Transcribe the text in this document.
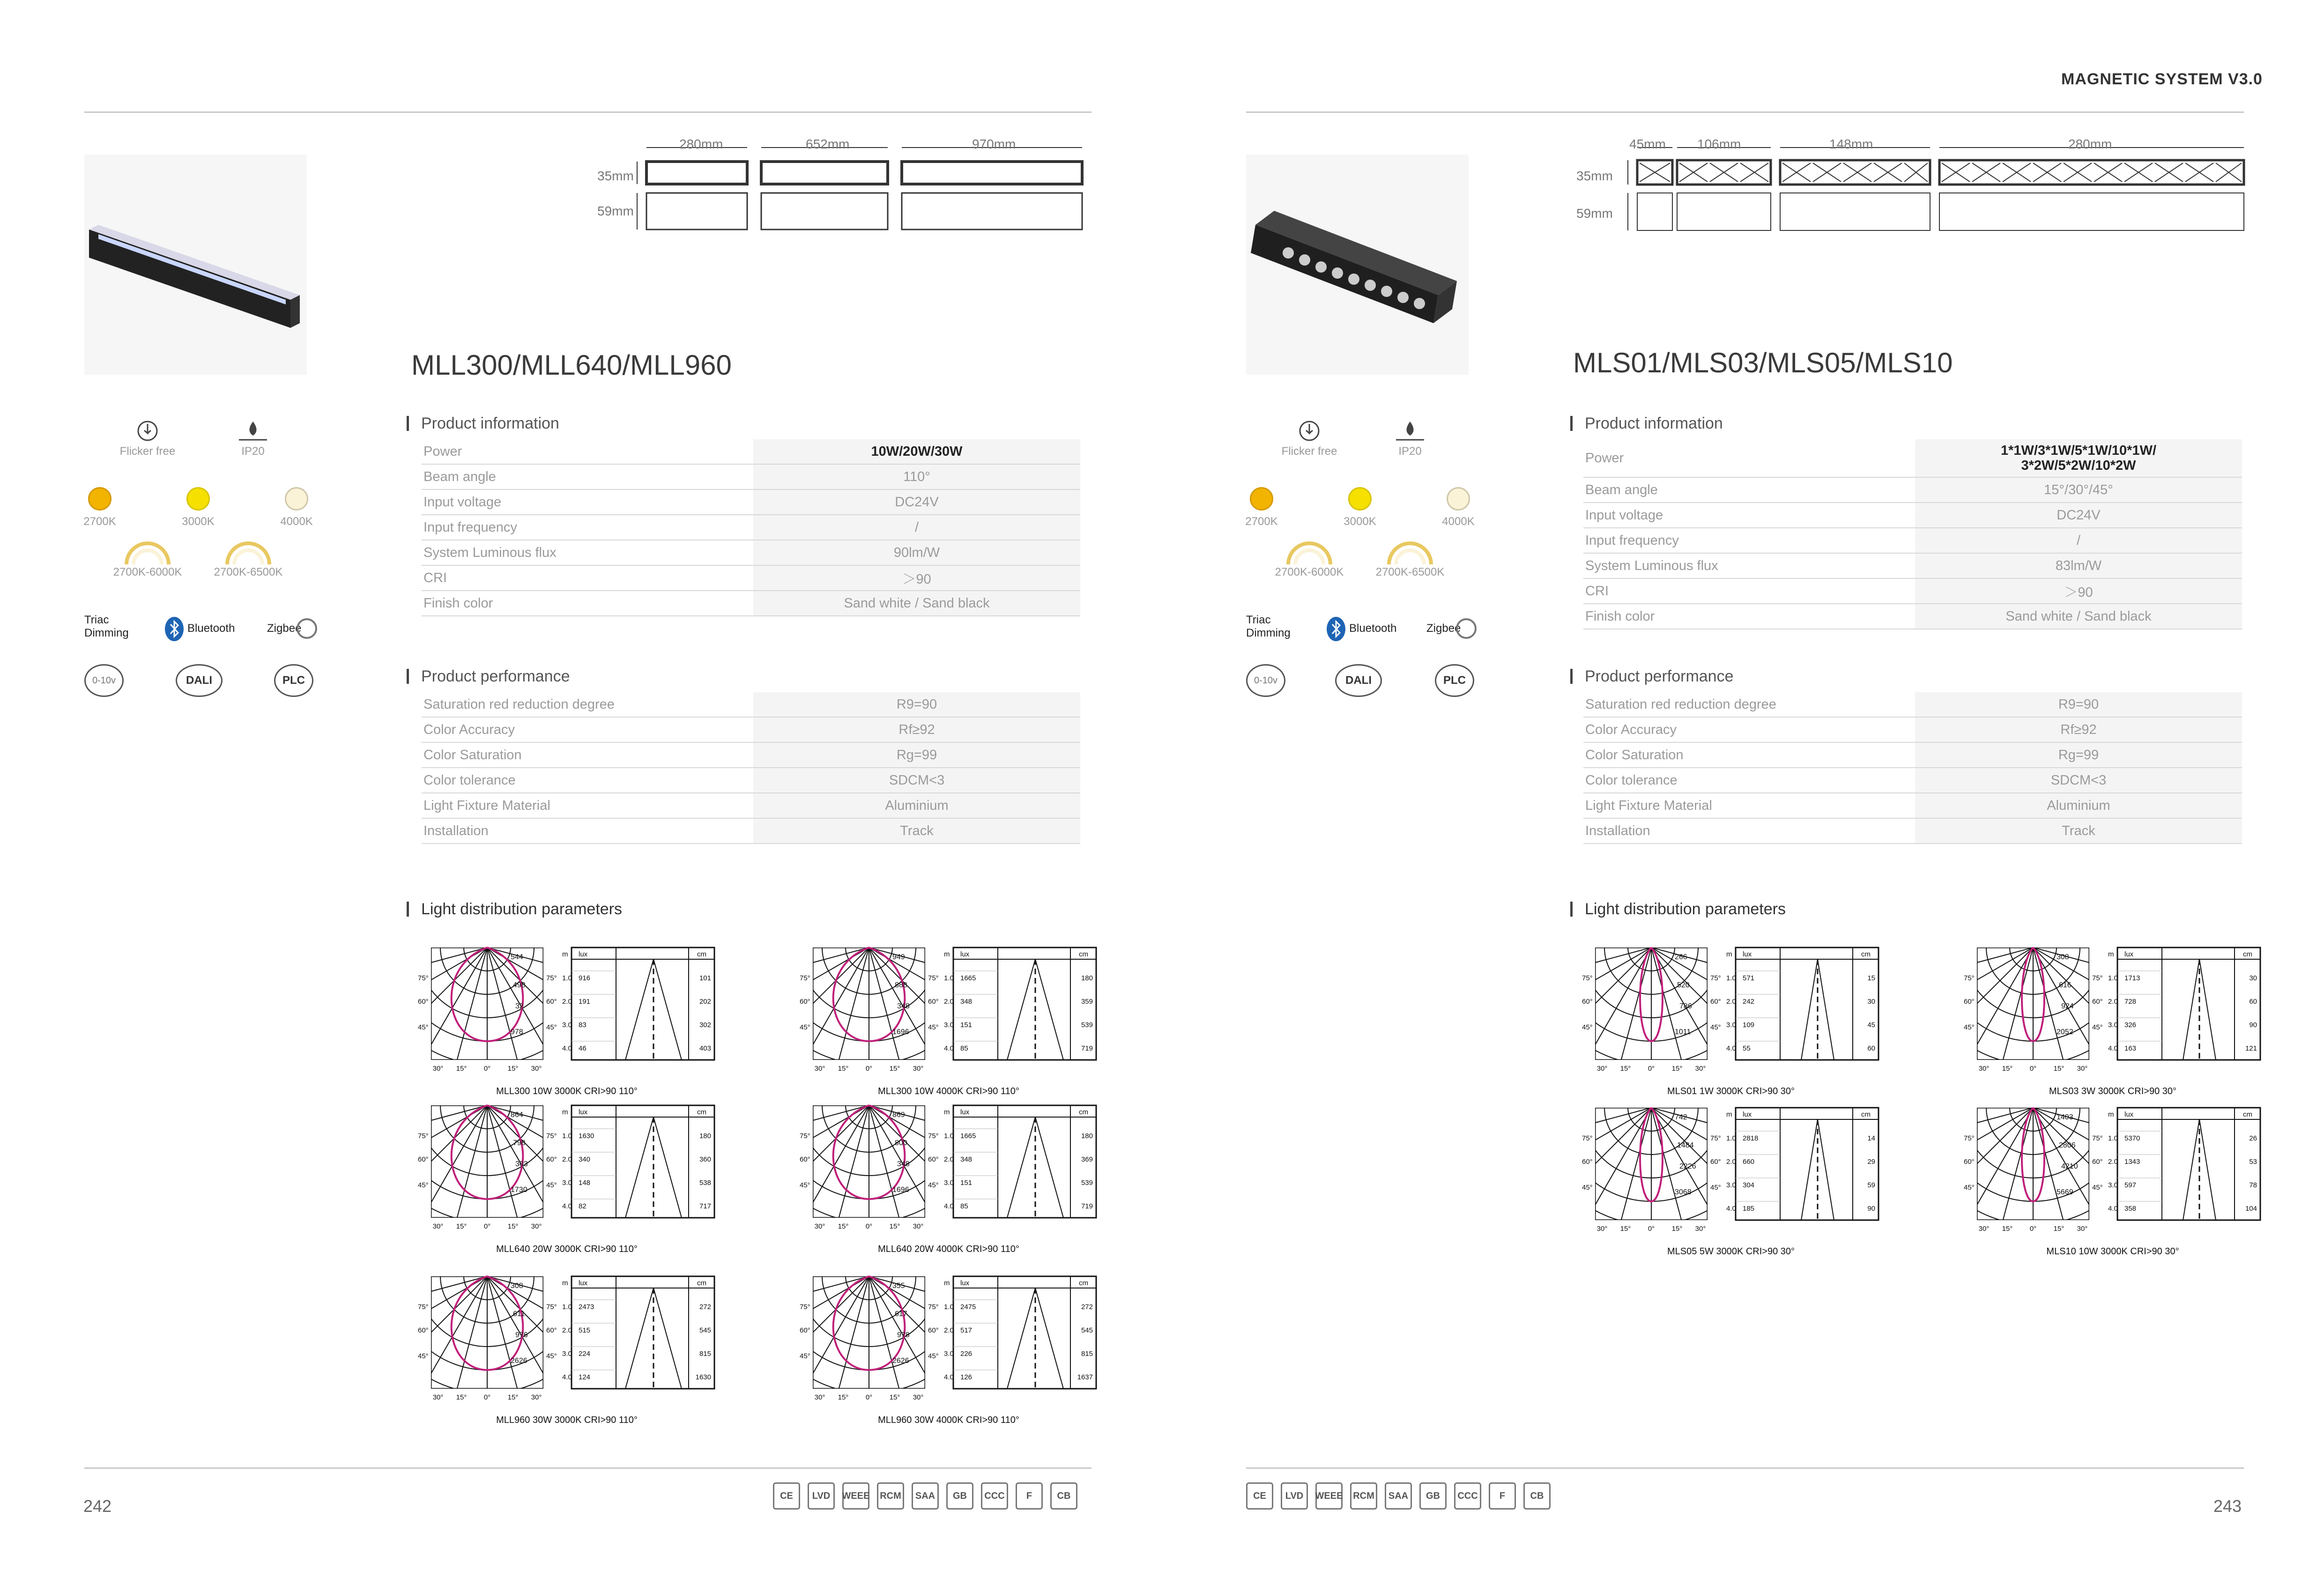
MAGNETIC SYSTEM V3.0
280mm	652mm	970mm
35mm
59mm
MLL300/MLL640/MLL960
Flicker free	IP20
2700K	3000K	4000K
2700K-6000K	2700K-6500K
Triac Dimming	Bluetooth	Zigbee
0-10v	DALI	PLC
Product information
Power	10W/20W/30W
Beam angle	110°
Input voltage	DC24V
Input frequency	/
System Luminous flux	90lm/W
CRI	＞90
Finish color	Sand white / Sand black
Product performance
Saturation red reduction degree	R9=90
Color Accuracy	Rf≥92
Color Saturation	Rg=99
Color tolerance	SDCM<3
Light Fixture Material	Aluminium
Installation	Track
Light distribution parameters
45mm 106mm	148mm	280mm
35mm
59mm
MLS01/MLS03/MLS05/MLS10
Flicker free	IP20
2700K	3000K	4000K
2700K-6000K	2700K-6500K
Triac Dimming	Bluetooth	Zigbee
0-10v	DALI	PLC
Product information
Power	1*1W/3*1W/5*1W/10*1W/
3*2W/5*2W/10*2W

Beam angle	15°/30°/45°
Input voltage	DC24V
Input frequency	/
System Luminous flux	83lm/W
CRI	＞90
Finish color	Sand white / Sand black
Product performance
Saturation red reduction degree	R9=90
Color Accuracy	Rf≥92
Color Saturation	Rg=99
Color tolerance	SDCM<3
Light Fixture Material	Aluminium
Installation	Track
Light distribution parameters
544
498
32
978
30° 15° 0° 15° 30°
75°	75°
60°	60°
45°	45°
m lux	cm
1.0 916	101
2.0 191	202
3.0 83	302
4.0 46	403
MLL300 10W 3000K CRI>90 110°
949
888
348
1696
30° 15° 0° 15° 30°
75°	75°
60°	60°
45°	45°
m lux	cm
1.0 1665	180
2.0 348	359
3.0 151	539
4.0 85	719
MLL300 10W 4000K CRI>90 110°
864
798
303
1730
30° 15° 0° 15° 30°
75°	75°
60°	60°
45°	45°
m lux	cm
1.0 1630	180
2.0 340	360
3.0 148	538
4.0 82	717
MLL640 20W 3000K CRI>90 110°
869
800
348
1696
30° 15° 0° 15° 30°
75°	75°
60°	60°
45°	45°
m lux	cm
1.0 1665	180
2.0 348	369
3.0 151	539
4.0 85	719
MLL640 20W 4000K CRI>90 110°
308
611
976
2626
30° 15° 0° 15° 30°
75°	75°
60°	60°
45°	45°
m lux	cm
1.0 2473	272
2.0 515	545
3.0 224	815
4.0 124	1630
MLL960 30W 3000K CRI>90 110°
355
617
978
2626
30° 15° 0° 15° 30°
75°	75°
60°	60°
45°	45°
m lux	cm
1.0 2475	272
2.0 517	545
3.0 226	815
4.0 126	1637
MLL960 30W 4000K CRI>90 110°
266
520
786
1011
30° 15° 0° 15° 30°
75°	75°
60°	60°
45°	45°
m lux	cm
1.0 571	15
2.0 242	30
3.0 109	45
4.0 55	60
MLS01 1W 3000K CRI>90 30°
308
616
924
2052
30° 15° 0° 15° 30°
75°	75°
60°	60°
45°	45°
m lux	cm
1.0 1713	30
2.0 728	60
3.0 326	90
4.0 163	121
MLS03 3W 3000K CRI>90 30°
742
1484
2226
3068
30° 15° 0° 15° 30°
75°	75°
60°	60°
45°	45°
m lux	cm
1.0 2818	14
2.0 660	29
3.0 304	59
4.0 185	90
MLS05 5W 3000K CRI>90 30°
1403
2806
4210
5669
30° 15° 0° 15° 30°
75°	75°
60°	60°
45°	45°
m lux	cm
1.0 5370	26
2.0 1343	53
3.0 597	78
4.0 358	104
MLS10 10W 3000K CRI>90 30°
242	243
CE	LVD	WEEE	RCM	SAA	GB	CCC	F	CB	CE	LVD	WEEE	RCM	SAA	GB	CCC	F	CB
